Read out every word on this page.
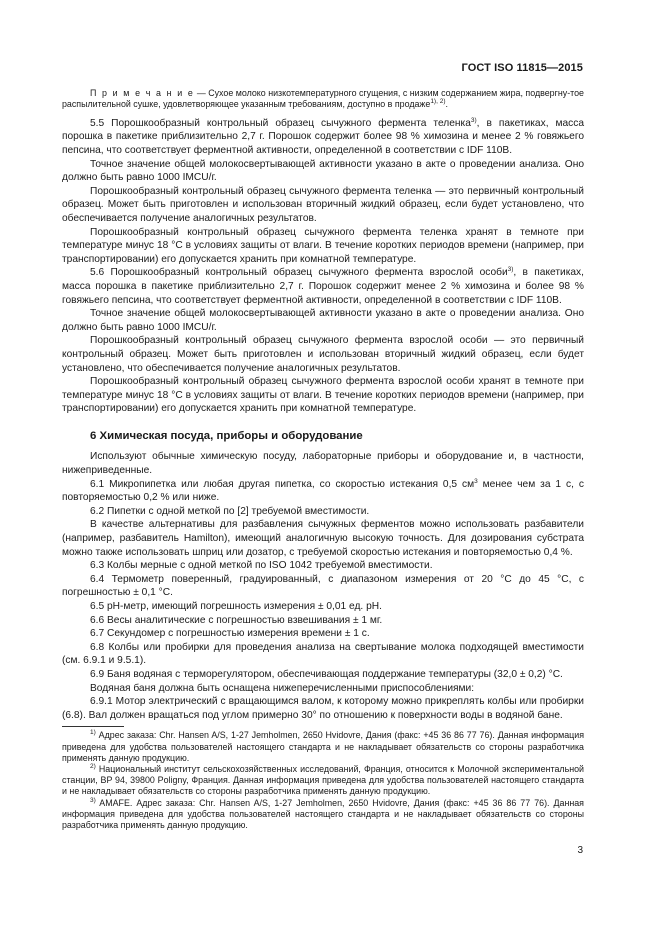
ГОСТ ISO 11815—2015

П р и м е ч а н и е — Сухое молоко низкотемпературного сгущения, с низким содержанием жира, подвергну-тое распылительной сушке, удовлетворяющее указанным требованиям, доступно в продаже$^{1), 2)}$.

5.5 Порошкообразный контрольный образец сычужного фермента теленка$^{3)}$, в пакетиках, масса порошка в пакетике приблизительно 2,7 г. Порошок содержит более 98 % химозина и менее 2 % говяжьего пепсина, что соответствует ферментной активности, определенной в соответствии с IDF 110B.

Точное значение общей молокосвертывающей активности указано в акте о проведении анализа. Оно должно быть равно 1000 IMCU/г.

Порошкообразный контрольный образец сычужного фермента теленка — это первичный контрольный образец. Может быть приготовлен и использован вторичный жидкий образец, если будет установлено, что обеспечивается получение аналогичных результатов.

Порошкообразный контрольный образец сычужного фермента теленка хранят в темноте при температуре минус 18 °С в условиях защиты от влаги. В течение коротких периодов времени (например, при транспортировании) его допускается хранить при комнатной температуре.

5.6 Порошкообразный контрольный образец сычужного фермента взрослой особи$^{3)}$, в пакетиках, масса порошка в пакетике приблизительно 2,7 г. Порошок содержит менее 2 % химозина и более 98 % говяжьего пепсина, что соответствует ферментной активности, определенной в соответствии с IDF 110B.

Точное значение общей молокосвертывающей активности указано в акте о проведении анализа. Оно должно быть равно 1000 IMCU/г.

Порошкообразный контрольный образец сычужного фермента взрослой особи — это первичный контрольный образец. Может быть приготовлен и использован вторичный жидкий образец, если будет установлено, что обеспечивается получение аналогичных результатов.

Порошкообразный контрольный образец сычужного фермента взрослой особи хранят в темноте при температуре минус 18 °С в условиях защиты от влаги. В течение коротких периодов времени (например, при транспортировании) его допускается хранить при комнатной температуре.

6 Химическая посуда, приборы и оборудование

Используют обычные химическую посуду, лабораторные приборы и оборудование и, в частности, нижеприведенные.

6.1 Микропипетка или любая другая пипетка, со скоростью истекания 0,5 $см^3$ менее чем за 1 с, с повторяемостью 0,2 % или ниже.

6.2 Пипетки с одной меткой по [2] требуемой вместимости.

В качестве альтернативы для разбавления сычужных ферментов можно использовать разбавители (например, разбавитель Hamilton), имеющий аналогичную высокую точность. Для дозирования субстрата можно также использовать шприц или дозатор, с требуемой скоростью истекания и повторяемостью 0,4 %.

6.3 Колбы мерные с одной меткой по ISO 1042 требуемой вместимости.

6.4 Термометр поверенный, градуированный, с диапазоном измерения от 20 °С до 45 °С, с погрешностью ± 0,1 °С.

6.5 pH-метр, имеющий погрешность измерения ± 0,01 ед. pH.

6.6 Весы аналитические с погрешностью взвешивания ± 1 мг.

6.7 Секундомер с погрешностью измерения времени ± 1 с.

6.8 Колбы или пробирки для проведения анализа на свертывание молока подходящей вместимости (см. 6.9.1 и 9.5.1).

6.9 Баня водяная с терморегулятором, обеспечивающая поддержание температуры (32,0 ± 0,2) °С.

Водяная баня должна быть оснащена нижеперечисленными приспособлениями:

6.9.1 Мотор электрический с вращающимся валом, к которому можно прикреплять колбы или пробирки (6.8). Вал должен вращаться под углом примерно 30° по отношению к поверхности воды в водяной бане.

$^{1)}$ Адрес заказа: Chr. Hansen A/S, 1-27 Jemholmen, 2650 Hvidovre, Дания (факс: +45 36 86 77 76). Данная информация приведена для удобства пользователей настоящего стандарта и не накладывает обязательств со стороны разработчика применять данную продукцию.

$^{2)}$ Национальный институт сельскохозяйственных исследований, Франция, относится к Молочной экспериментальной станции, BP 94, 39800 Poligny, Франция. Данная информация приведена для удобства пользователей настоящего стандарта и не накладывает обязательств со стороны разработчика применять данную продукцию.

$^{3)}$ AMAFE. Адрес заказа: Chr. Hansen A/S, 1-27 Jemholmen, 2650 Hvidovre, Дания (факс: +45 36 86 77 76). Данная информация приведена для удобства пользователей настоящего стандарта и не накладывает обязательств со стороны разработчика применять данную продукцию.

3
